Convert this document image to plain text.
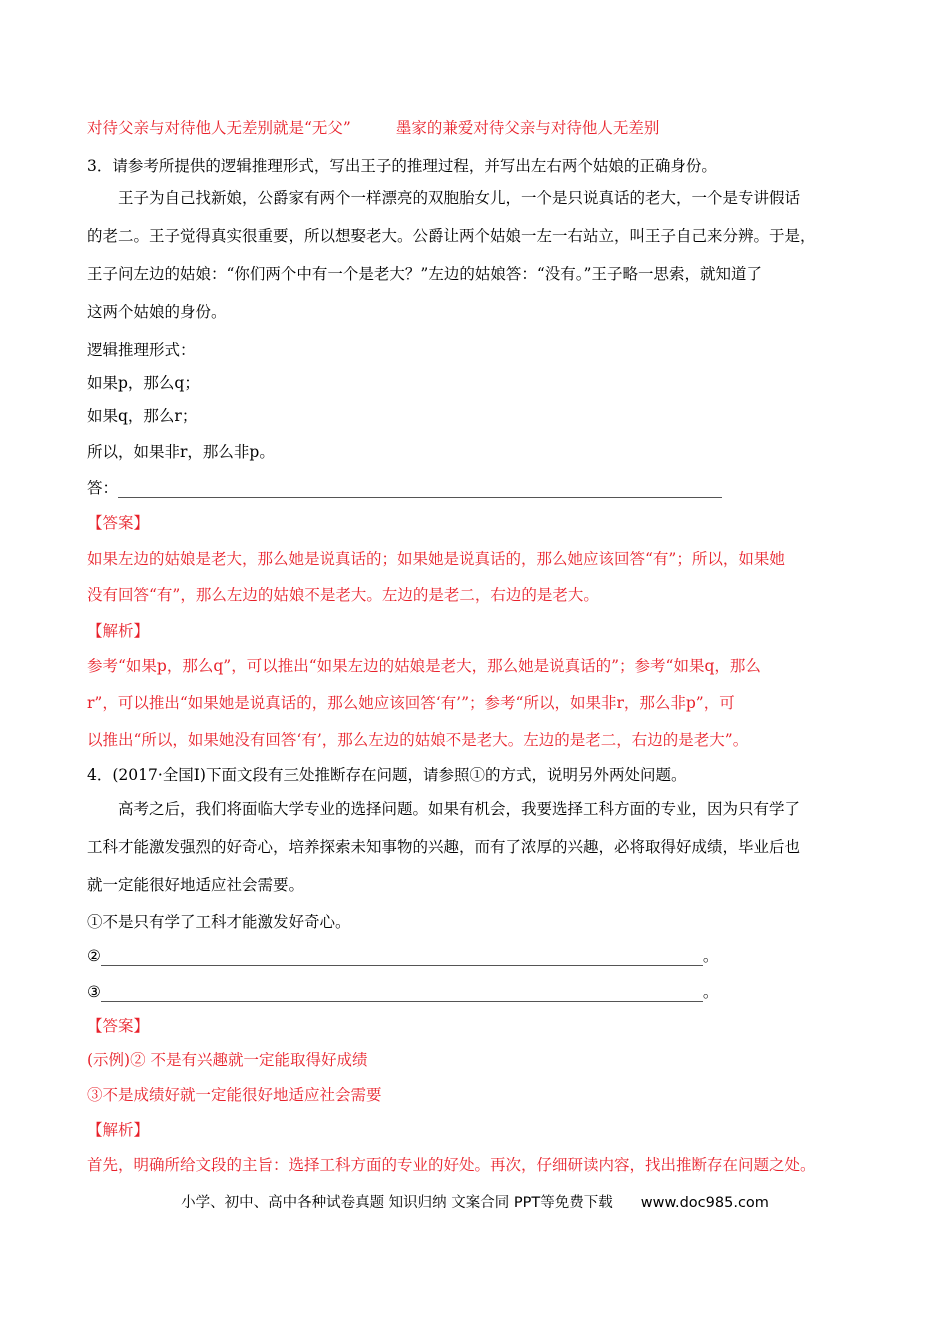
对待父亲与对待他人无差别就是“无父”	墨家的兼爱对待父亲与对待他人无差别
3．请参考所提供的逻辑推理形式，写出王子的推理过程，并写出左右两个姑娘的正确身份。
王子为自己找新娘，公爵家有两个一样漂亮的双胞胎女儿，一个是只说真话的老大，一个是专讲假话
的老二。王子觉得真实很重要，所以想娶老大。公爵让两个姑娘一左一右站立，叫王子自己来分辨。于是，
王子问左边的姑娘：“你们两个中有一个是老大？”左边的姑娘答：“没有。”王子略一思索，就知道了
这两个姑娘的身份。
逻辑推理形式：
如果p，那么q；
如果q，那么r；
所以，如果非r，那么非p。
答：
【答案】
如果左边的姑娘是老大，那么她是说真话的；如果她是说真话的，那么她应该回答“有”；所以，如果她
没有回答“有”，那么左边的姑娘不是老大。左边的是老二，右边的是老大。
【解析】
参考“如果p，那么q”，可以推出“如果左边的姑娘是老大，那么她是说真话的”；参考“如果q，那么
r”，可以推出“如果她是说真话的，那么她应该回答‘有’”；参考“所以，如果非r，那么非p”，可
以推出“所以，如果她没有回答‘有’，那么左边的姑娘不是老大。左边的是老二，右边的是老大”。
4．(2017·全国Ⅰ)下面文段有三处推断存在问题，请参照①的方式，说明另外两处问题。
高考之后，我们将面临大学专业的选择问题。如果有机会，我要选择工科方面的专业，因为只有学了
工科才能激发强烈的好奇心，培养探索未知事物的兴趣，而有了浓厚的兴趣，必将取得好成绩，毕业后也
就一定能很好地适应社会需要。
①不是只有学了工科才能激发好奇心。
②	。
③	。
【答案】
(示例)② 不是有兴趣就一定能取得好成绩
③不是成绩好就一定能很好地适应社会需要
【解析】
首先，明确所给文段的主旨：选择工科方面的专业的好处。再次，仔细研读内容，找出推断存在问题之处。
小学、初中、高中各种试卷真题 知识归纳 文案合同 PPT等免费下载 www.doc985.com
